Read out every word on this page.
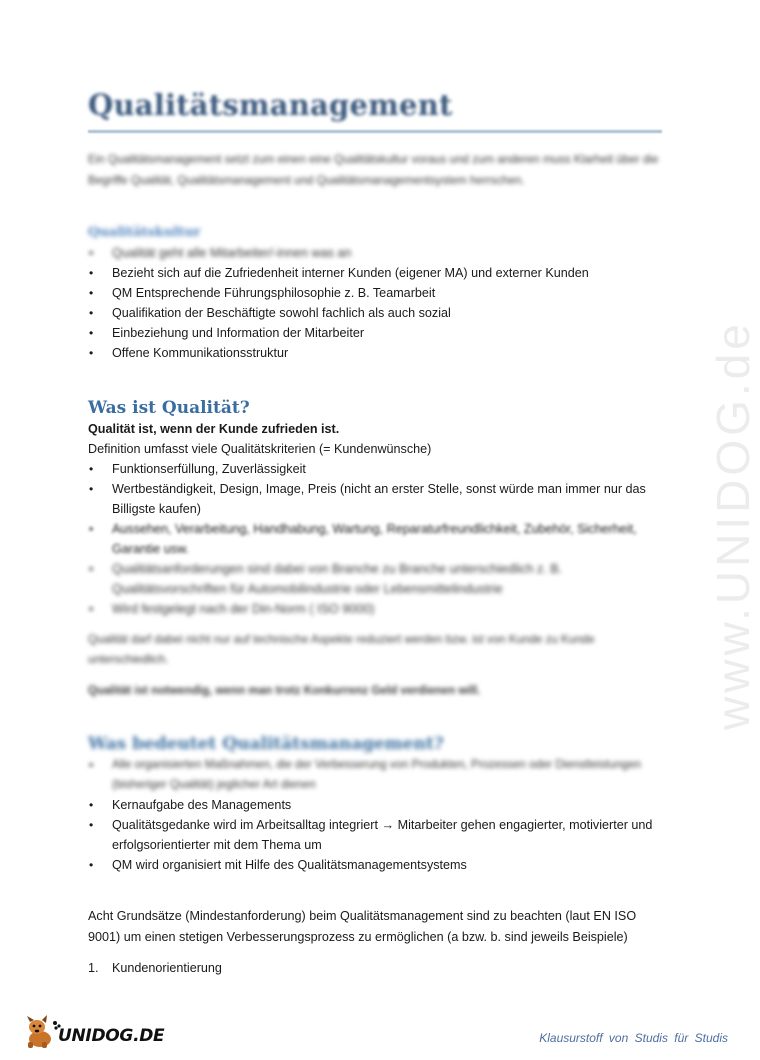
www.UNIDOG.de
Qualitätsmanagement
Ein Qualitätsmanagement setzt zum einen eine Qualitätskultur voraus und zum anderen muss Klarheit über die Begriffe Qualität, Qualitätsmanagement und Qualitätsmanagementsystem herrschen.
Qualitätskultur
• Qualität geht alle Mitarbeiter/-innen was an
• Bezieht sich auf die Zufriedenheit interner Kunden (eigener MA) und externer Kunden
• QM Entsprechende Führungsphilosophie z. B. Teamarbeit
• Qualifikation der Beschäftigte sowohl fachlich als auch sozial
• Einbeziehung und Information der Mitarbeiter
• Offene Kommunikationsstruktur
Was ist Qualität?
Qualität ist, wenn der Kunde zufrieden ist.
Definition umfasst viele Qualitätskriterien (= Kundenwünsche)
• Funktionserfüllung, Zuverlässigkeit
• Wertbeständigkeit, Design, Image, Preis (nicht an erster Stelle, sonst würde man immer nur das Billigste kaufen)
• Aussehen, Verarbeitung, Handhabung, Wartung, Reparaturfreundlichkeit, Zubehör, Sicherheit, Garantie usw.
• Qualitätsanforderungen sind dabei von Branche zu Branche unterschiedlich z. B. Qualitätsvorschriften für Automobilindustrie oder Lebensmittelindustrie
• Wird festgelegt nach der Din-Norm ( ISO 9000)
Qualität darf dabei nicht nur auf technische Aspekte reduziert werden bzw. ist von Kunde zu Kunde unterschiedlich.
Qualität ist notwendig, wenn man trotz Konkurrenz Geld verdienen will.
Was bedeutet Qualitätsmanagement?
• Alle organisierten Maßnahmen, die der Verbesserung von Produkten, Prozessen oder Dienstleistungen (bisheriger Qualität) jeglicher Art dienen
• Kernaufgabe des Managements
• Qualitätsgedanke wird im Arbeitsalltag integriert → Mitarbeiter gehen engagierter, motivierter und erfolgsorientierter mit dem Thema um
• QM wird organisiert mit Hilfe des Qualitätsmanagementsystems
Acht Grundsätze (Mindestanforderung) beim Qualitätsmanagement sind zu beachten (laut EN ISO 9001) um einen stetigen Verbesserungsprozess zu ermöglichen (a bzw. b. sind jeweils Beispiele)
1. Kundenorientierung
UNIDOG.DE	Klausurstoff von Studis für Studis
